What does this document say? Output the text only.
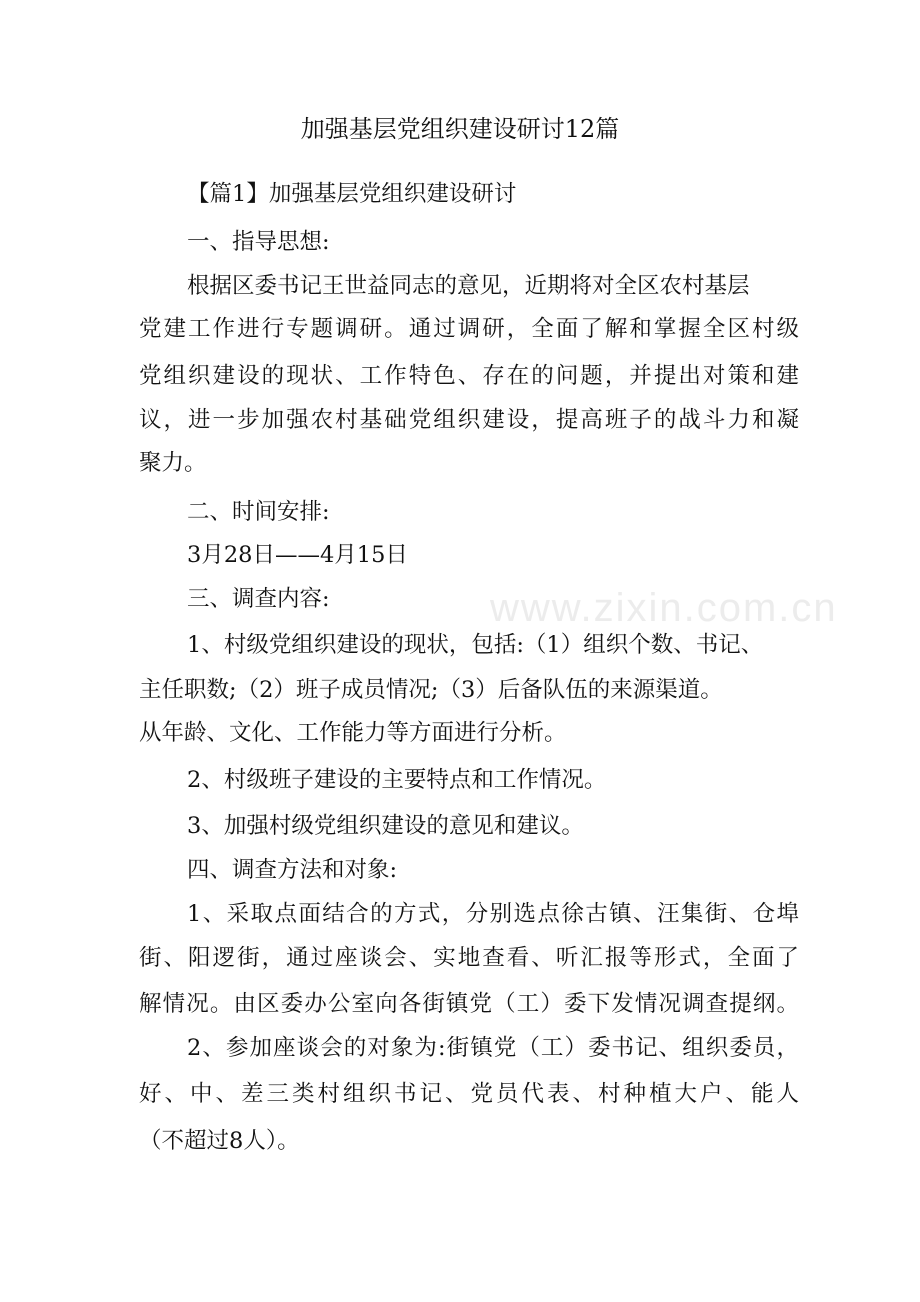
www.zixin.com.cn
加强基层党组织建设研讨12篇
【篇1】加强基层党组织建设研讨
一、指导思想:
根据区委书记王世益同志的意见，近期将对全区农村基层
党建工作进行专题调研。通过调研，全面了解和掌握全区村级
党组织建设的现状、工作特色、存在的问题，并提出对策和建
议，进一步加强农村基础党组织建设，提高班子的战斗力和凝
聚力。
二、时间安排:
3月28日——4月15日
三、调查内容:
1、村级党组织建设的现状，包括:（1）组织个数、书记、
主任职数;（2）班子成员情况;（3）后备队伍的来源渠道。
从年龄、文化、工作能力等方面进行分析。
2、村级班子建设的主要特点和工作情况。
3、加强村级党组织建设的意见和建议。
四、调查方法和对象:
1、采取点面结合的方式，分别选点徐古镇、汪集街、仓埠
街、阳逻街，通过座谈会、实地查看、听汇报等形式，全面了
解情况。由区委办公室向各街镇党（工）委下发情况调查提纲。
2、参加座谈会的对象为:街镇党（工）委书记、组织委员，
好、中、差三类村组织书记、党员代表、村种植大户、能人
（不超过8人）。
